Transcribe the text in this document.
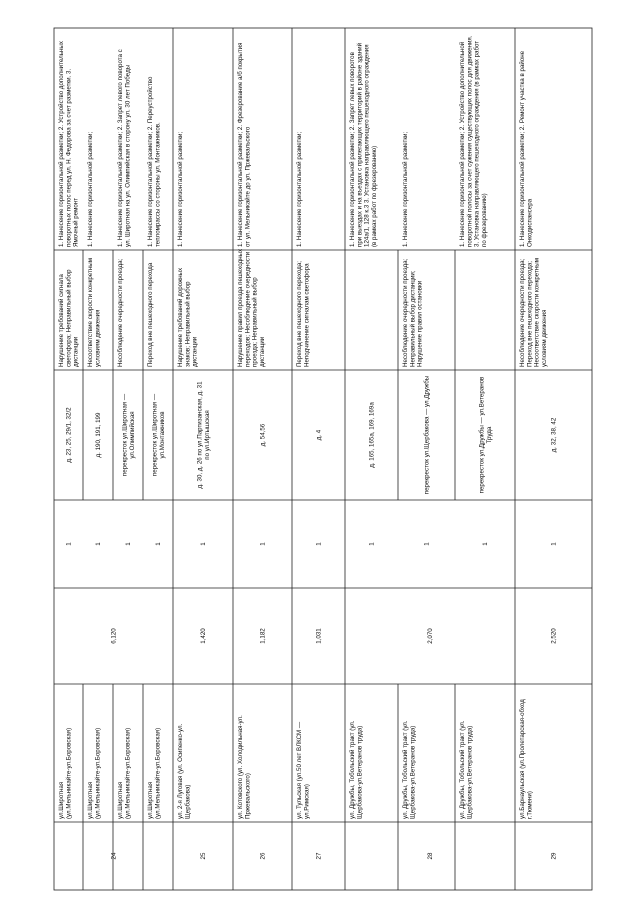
24
6,120
ул.Широтная (ул.Мельникайте-ул.Боровская)
1
д. 23, 25, 29/1, 32/2
Нарушение требований сигнала светофора; Неправильный выбор дистанции
1. Нанесение горизонтальной разметки; 2. Устройство дополнительных поворотных полос перед ул. Н. Федорова за счет разметки. 3. Ямочный ремонт
ул.Широтная (ул.Мельникайте-ул.Боровская)
1
д. 190, 191, 199
Несоответствие скорости конкретным условиям движения
1. Нанесение горизонтальной разметки;
ул.Широтная (ул.Мельникайте-ул.Боровская)
1
перекресток ул.Широтная — ул.Олимпийская
Несоблюдение очередности проезда;
1. Нанесение горизонтальной разметки; 2. Запрет левого поворота с ул. Широтная на ул. Олимпийская в сторону ул. 30 лет Победы
ул.Широтная (ул.Мельникайте-ул.Боровская)
1
перекресток ул.Широтная — ул.Монтажников
Переход вне пешеходного перехода
1. Нанесение горизонтальной разметки; 2. Переустройство тепломрассы со стороны ул. Монтажников.
25
1,420
ул. 2-я Луговая (ул. Осипенко-ул. Щербакова)
1
д. 30, д. 26 по ул.Партизанская, д. 31 по ул.Иртышская
Нарушение требований дорожных знаков; Неправильный выбор дистанции
1. Нанесение горизонтальной разметки;
26
1,182
ул. Котовского (ул. Холодильная-ул. Пржевальского)
1
д. 54,56
Нарушение правил проезда пешеходных переходов; Несоблюдение очередности проезда; Неправильный выбор дистанции
1. Нанесение горизонтальной разметки; 2. Фрезерование а/б покрытия от ул. Мельникайте до ул. Пржевальского
27
1,031
ул. Тульская (ул.50 лет ВЛКСМ — ул.Римская)
1
д. 4
Переход вне пешеходного перехода; Неподчинение сигналам светофора
1. Нанесение горизонтальной разметки;
28
2,070
ул. Дружбы, Тобольский тракт (ул. Щербакова-ул.Ветеранов труда)
1
д. 165, 165а, 169, 169а
1. Нанесение горизонтальной разметки; 2. Запрет левых поворотов при выездах и на въездах с прилегающих территорий в районе зданий 124а/1, 128 к.3 3. Установка направляющего пешеходного ограждения (в рамках работ по фрезерованию)
ул. Дружбы, Тобольский тракт (ул. Щербакова-ул.Ветеранов труда)
1
перекресток ул.Щербакова — ул.Дружбы
Несоблюдение очередности проезда; Неправильный выбор дистанции; Нарушение правил остановки
1. Нанесение горизонтальной разметки;
ул. Дружбы, Тобольский тракт (ул. Щербакова-ул.Ветеранов труда)
1
перекресток ул.Дружбы — ул.Ветеранов Труда
1. Нанесение горизонтальной разметки; 2. Устройство дополнительной поворотной полосы за счет сужения существующих полос для движения. 3. Установка направляющего пешеходного ограждения (в рамках работ по фрезерованию)
29
2,520
ул.Барнаульская (ул.Пролетарская-обход г.Тюмени)
1
д. 32, 38, 42
Несоблюдение очередности проезда; Переход вне пешеходного перехода; Несоответствие скорости конкретным условиям движения
1. Нанесение горизонтальной разметки; 2. Ремонт участка в районе Онкодиспансера
